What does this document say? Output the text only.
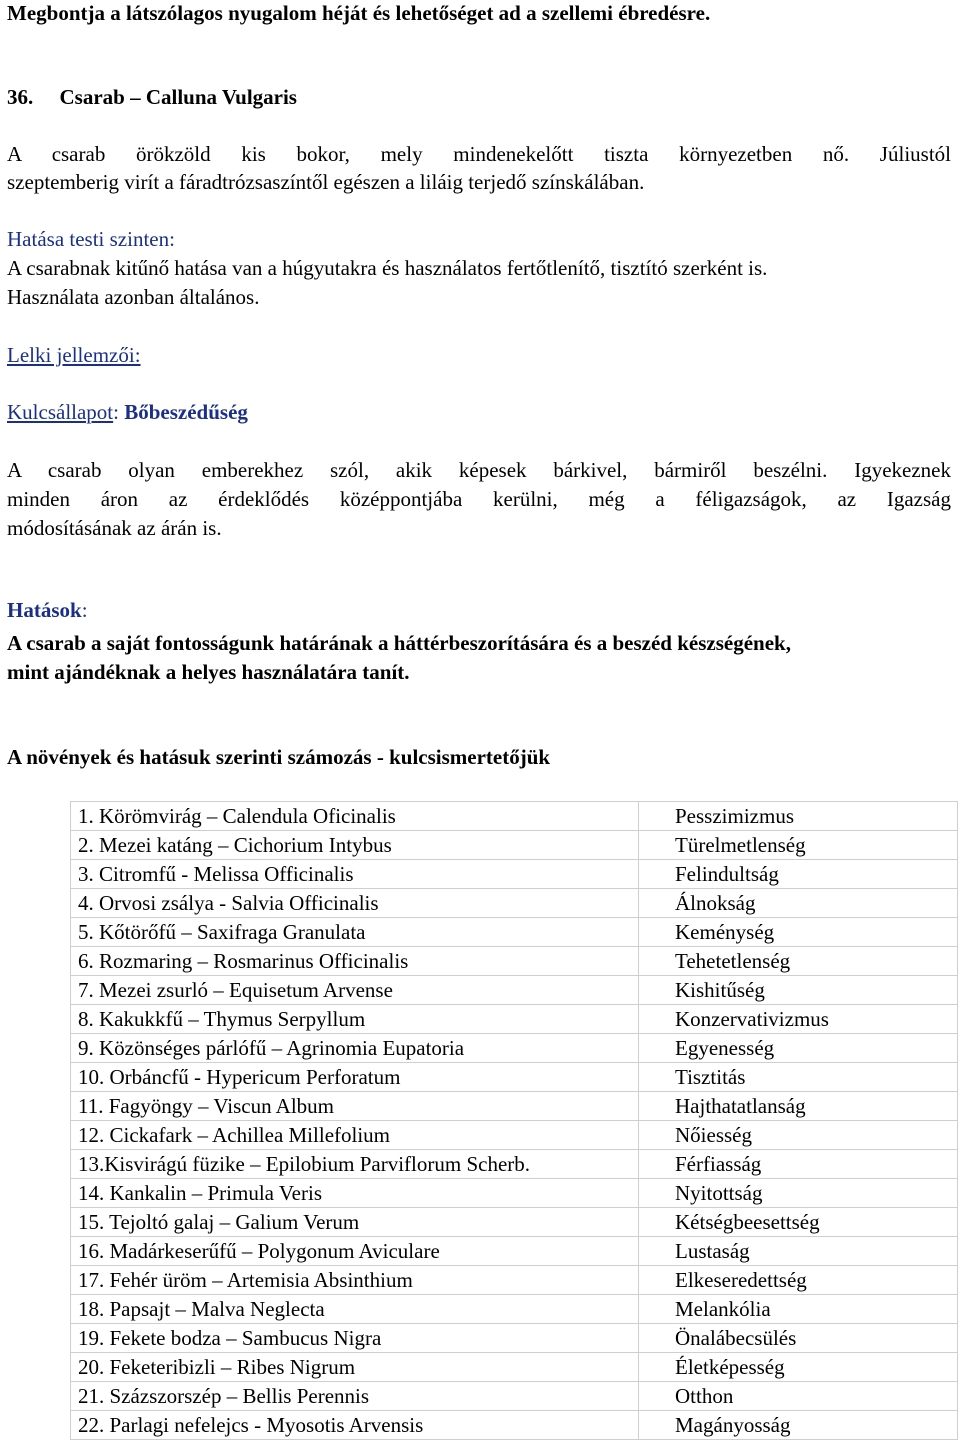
Megbontja a látszólagos nyugalom héját és lehetőséget ad a szellemi ébredésre.
36. Csarab – Calluna Vulgaris
A csarab örökzöld kis bokor, mely mindenekelőtt tiszta környezetben nő. Júliustól
szeptemberig virít a fáradtrózsaszíntől egészen a liláig terjedő színskálában.
Hatása testi szinten:
A csarabnak kitűnő hatása van a húgyutakra és használatos fertőtlenítő, tisztító szerként is.
Használata azonban általános.
Lelki jellemzői:
Kulcsállapot: Bőbeszédűség
A csarab olyan emberekhez szól, akik képesek bárkivel, bármiről beszélni. Igyekeznek
minden áron az érdeklődés középpontjába kerülni, még a féligazságok, az Igazság
módosításának az árán is.
Hatások:
A csarab a saját fontosságunk határának a háttérbeszorítására és a beszéd készségének,
mint ajándéknak a helyes használatára tanít.
A növények és hatásuk szerinti számozás - kulcsismertetőjük
1. Körömvirág – Calendula Oficinalis	Pesszimizmus
2. Mezei katáng – Cichorium Intybus	Türelmetlenség
3. Citromfű - Melissa Officinalis	Felindultság
4. Orvosi zsálya - Salvia Officinalis	Álnokság
5. Kőtörőfű – Saxifraga Granulata	Keménység
6. Rozmaring – Rosmarinus Officinalis	Tehetetlenség
7. Mezei zsurló – Equisetum Arvense	Kishitűség
8. Kakukkfű – Thymus Serpyllum	Konzervativizmus
9. Közönséges párlófű – Agrinomia Eupatoria	Egyenesség
10. Orbáncfű - Hypericum Perforatum	Tisztitás
11. Fagyöngy – Viscun Album	Hajthatatlanság
12. Cickafark – Achillea Millefolium	Nőiesség
13.Kisvirágú füzike – Epilobium Parviflorum Scherb.	Férfiasság
14. Kankalin – Primula Veris	Nyitottság
15. Tejoltó galaj – Galium Verum	Kétségbeesettség
16. Madárkeserűfű – Polygonum Aviculare	Lustaság
17. Fehér üröm – Artemisia Absinthium	Elkeseredettség
18. Papsajt – Malva Neglecta	Melankólia
19. Fekete bodza – Sambucus Nigra	Önalábecsülés
20. Feketeribizli – Ribes Nigrum	Életképesség
21. Százszorszép – Bellis Perennis	Otthon
22. Parlagi nefelejcs - Myosotis Arvensis	Magányosság
